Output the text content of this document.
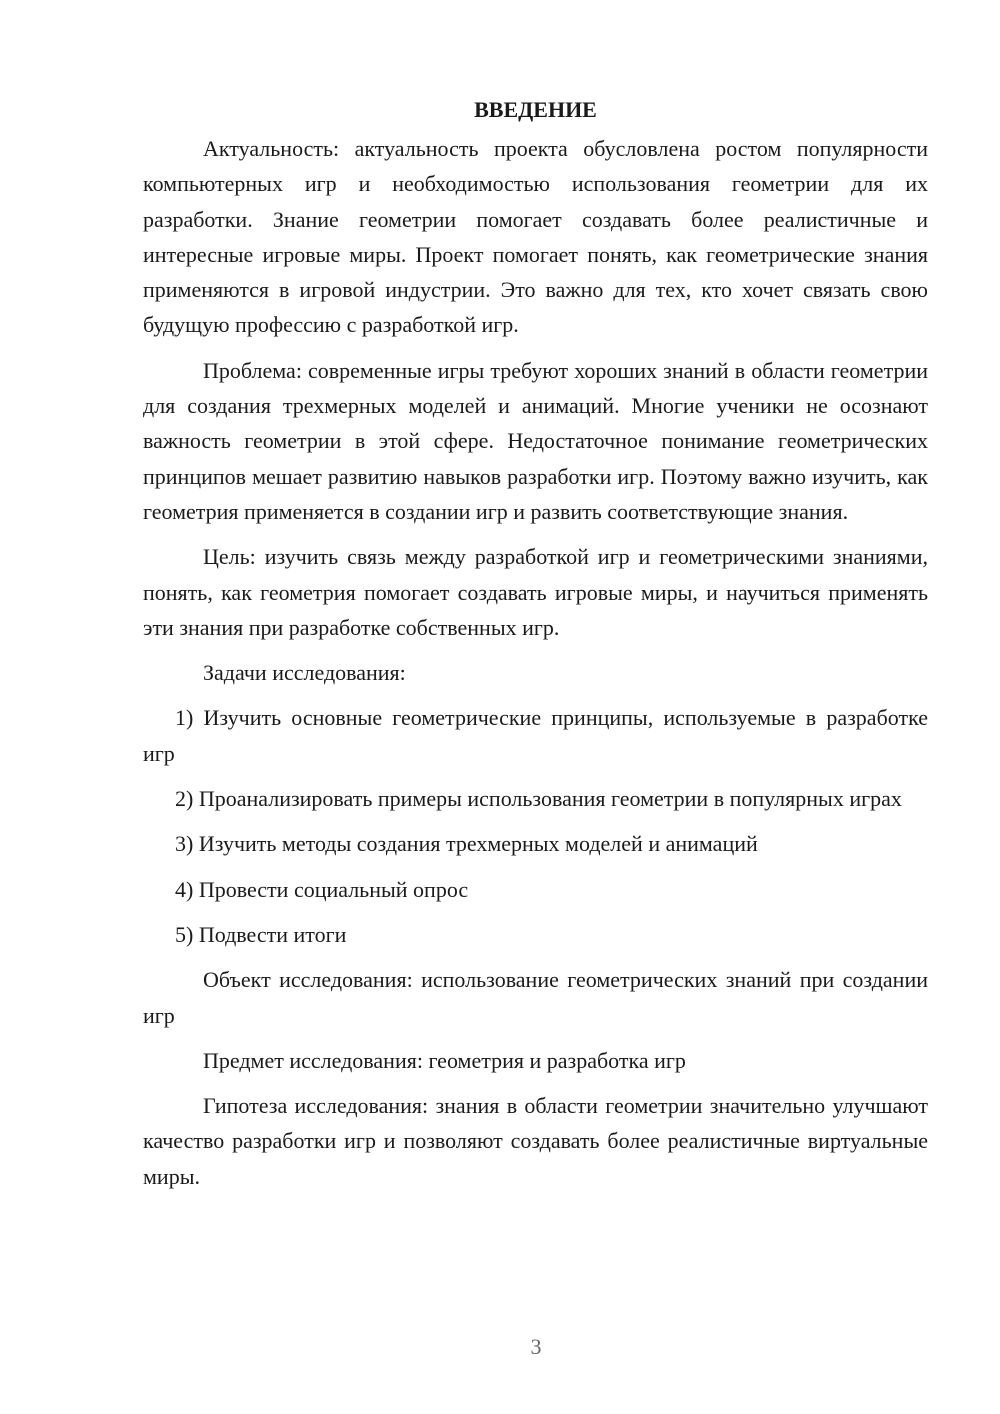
ВВЕДЕНИЕ

Актуальность: актуальность проекта обусловлена ростом популярности компьютерных игр и необходимостью использования геометрии для их разработки. Знание геометрии помогает создавать более реалистичные и интересные игровые миры. Проект помогает понять, как геометрические знания применяются в игровой индустрии. Это важно для тех, кто хочет связать свою будущую профессию с разработкой игр.

Проблема: современные игры требуют хороших знаний в области геометрии для создания трехмерных моделей и анимаций. Многие ученики не осознают важность геометрии в этой сфере. Недостаточное понимание геометрических принципов мешает развитию навыков разработки игр. Поэтому важно изучить, как геометрия применяется в создании игр и развить соответствующие знания.

Цель: изучить связь между разработкой игр и геометрическими знаниями, понять, как геометрия помогает создавать игровые миры, и научиться применять эти знания при разработке собственных игр.

Задачи исследования:

1) Изучить основные геометрические принципы, используемые в разработке игр

2) Проанализировать примеры использования геометрии в популярных играх

3) Изучить методы создания трехмерных моделей и анимаций

4) Провести социальный опрос

5) Подвести итоги

Объект исследования: использование геометрических знаний при создании игр

Предмет исследования: геометрия и разработка игр

Гипотеза исследования: знания в области геометрии значительно улучшают качество разработки игр и позволяют создавать более реалистичные виртуальные миры.

3
